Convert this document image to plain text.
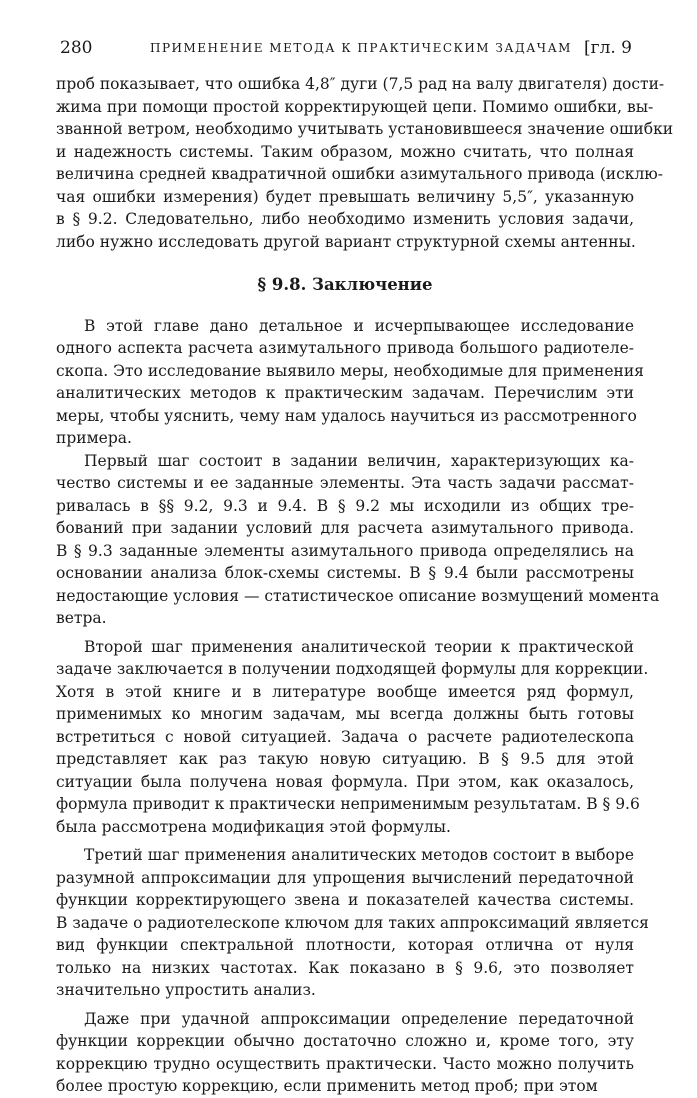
280	ПРИМЕНЕНИЕ МЕТОДА К ПРАКТИЧЕСКИМ ЗАДАЧАМ [гл. 9
проб показывает, что ошибка 4,8″ дуги (7,5 рад на валу двигателя) дости-
жима при помощи простой корректирующей цепи. Помимо ошибки, вы-
званной ветром, необходимо учитывать установившееся значение ошибки
и надежность системы. Таким образом, можно считать, что полная
величина средней квадратичной ошибки азимутального привода (исклю-
чая ошибки измерения) будет превышать величину 5,5″, указанную
в § 9.2. Следовательно, либо необходимо изменить условия задачи,
либо нужно исследовать другой вариант структурной схемы антенны.
§ 9.8. Заключение
В этой главе дано детальное и исчерпывающее исследование
одного аспекта расчета азимутального привода большого радиотеле-
скопа. Это исследование выявило меры, необходимые для применения
аналитических методов к практическим задачам. Перечислим эти
меры, чтобы уяснить, чему нам удалось научиться из рассмотренного
примера.
Первый шаг состоит в задании величин, характеризующих ка-
чество системы и ее заданные элементы. Эта часть задачи рассмат-
ривалась в §§ 9.2, 9.3 и 9.4. В § 9.2 мы исходили из общих тре-
бований при задании условий для расчета азимутального привода.
В § 9.3 заданные элементы азимутального привода определялись на
основании анализа блок-схемы системы. В § 9.4 были рассмотрены
недостающие условия — статистическое описание возмущений момента
ветра.
Второй шаг применения аналитической теории к практической
задаче заключается в получении подходящей формулы для коррекции.
Хотя в этой книге и в литературе вообще имеется ряд формул,
применимых ко многим задачам, мы всегда должны быть готовы
встретиться с новой ситуацией. Задача о расчете радиотелескопа
представляет как раз такую новую ситуацию. В § 9.5 для этой
ситуации была получена новая формула. При этом, как оказалось,
формула приводит к практически неприменимым результатам. В § 9.6
была рассмотрена модификация этой формулы.
Третий шаг применения аналитических методов состоит в выборе
разумной аппроксимации для упрощения вычислений передаточной
функции корректирующего звена и показателей качества системы.
В задаче о радиотелескопе ключом для таких аппроксимаций является
вид функции спектральной плотности, которая отлична от нуля
только на низких частотах. Как показано в § 9.6, это позволяет
значительно упростить анализ.
Даже при удачной аппроксимации определение передаточной
функции коррекции обычно достаточно сложно и, кроме того, эту
коррекцию трудно осуществить практически. Часто можно получить
более простую коррекцию, если применить метод проб; при этом
